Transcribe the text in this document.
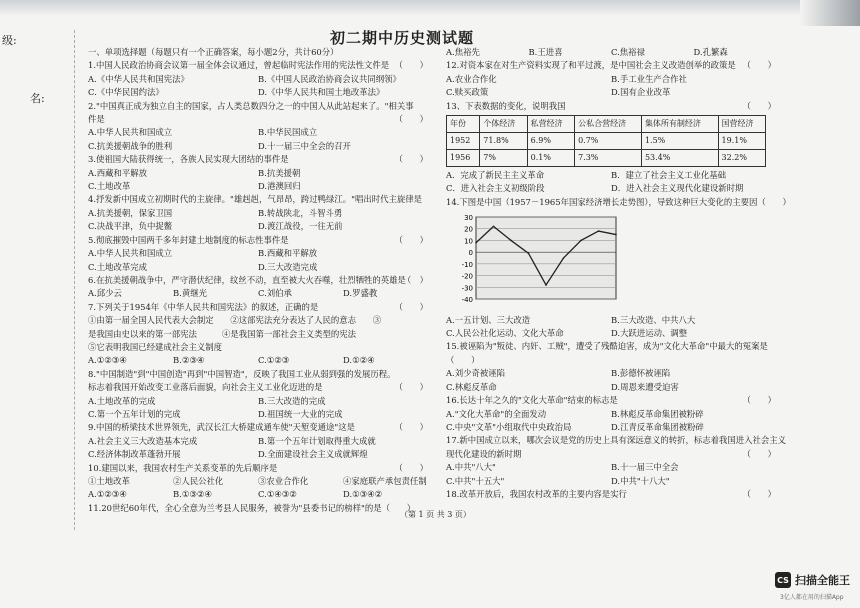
级:
名:
初二期中历史测试题
一、单项选择题（每题只有一个正确答案，每小题2分，共计60分）
1.中国人民政治协商会议第一届全体会议通过，曾起临时宪法作用的宪法性文件是 （　　）
A.《中华人民共和国宪法》	B.《中国人民政治协商会议共同纲领》
C.《中华民国约法》	D.《中华人民共和国土地改革法》
2."中国真正成为独立自主的国家，占人类总数四分之一的中国人从此站起来了。"相关事
件是	（　　）
A.中华人民共和国成立	B.中华民国成立
C.抗美援朝战争的胜利	D.十一届三中全会的召开
3.使祖国大陆获得统一，各族人民实现大团结的事件是	（　　）
A.西藏和平解放	B.抗美援朝
C.土地改革	D.港澳回归
4.抒发新中国成立初期时代的主旋律。"雄赳赳，气昂昂，跨过鸭绿江。"唱出时代主旋律是
A.抗美援朝，保家卫国	B.转战陕北，斗智斗勇
C.决战平津，负中捉鳖	D.渡江战役，一往无前
5.彻底摧毁中国两千多年封建土地制度的标志性事件是	（　　）
A.中华人民共和国成立	B.西藏和平解放
C.土地改革完成	D.三大改造完成
6.在抗美援朝战争中，严守潜伏纪律，纹丝不动，直至被大火吞噬，壮烈牺牲的英雄是
（　）
A.邱少云	B.黄继光	C.刘伯承	D.罗盛教
7.下列关于1954年《中华人民共和国宪法》的叙述，正确的是	（　　）
①由第一届全国人民代表大会制定　　②这部宪法充分表达了人民的意志　　③
是我国由史以来的第一部宪法　　　④是我国第一部社会主义类型的宪法
⑤它表明我国已经建成社会主义制度
A.①②③④	B.②③④	C.①②③	D.①②④
8."中国制造"到"中国创造"再到"中国智造"，反映了我国工业从弱到强的发展历程。
标志着我国开始改变工业落后面貌，向社会主义工业化迈进的是	（　　）
A.土地改革的完成	B.三大改造的完成
C.第一个五年计划的完成	D.祖国统一大业的完成
9.中国的桥梁技术世界领先，武汉长江大桥建成通车使"天堑变通途"这是	（　　）
A.社会主义三大改造基本完成	B.第一个五年计划取得重大成就
C.经济体制改革蓬勃开展	D.全面建设社会主义成就辉煌
10.建国以来，我国农村生产关系变革的先后顺序是	（　　）
①土地改革	②人民公社化	③农业合作化	④家庭联产承包责任制
A.①②③④	B.①③②④	C.①④③②	D.①③④②
11.20世纪60年代，全心全意为兰考县人民服务，被誉为"县委书记的榜样"的是（　　）
A.焦裕先	B.王进喜	C.焦裕禄	D.孔繁森
12.对资本家在对生产资料实现了和平过渡，是中国社会主义改造创举的政策是 （　　）
A.农业合作化	B.手工业生产合作社
C.赎买政策	D.国有企业改革
13、下表数据的变化，说明我国	（　　）
年份	个体经济	私营经济	公私合营经济	集体所有制经济	国营经济
1952	71.8%	6.9%	0.7%	1.5%	19.1%
1956	7%	0.1%	7.3%	53.4%	32.2%
A．完成了新民主主义革命	B．建立了社会主义工业化基础
C．进入社会主义初级阶段	D．进入社会主义现代化建设新时期
14.下图是中国（1957－1965年国家经济增长走势图），导致这种巨大变化的主要因（　　）
30
20
10
0
-10
-20
-30
-40
A.一五计划、三大改造	B.三大改造、中共八大
C.人民公社化运动、文化大革命	D.大跃进运动、调整
15.被诬陷为"叛徒、内奸、工贼"，遭受了残酷迫害，成为"文化大革命"中最大的冤案是
（　　）
A.刘少奇被诬陷	B.彭德怀被诬陷
C.林彪反革命	D.周恩来遭受迫害
16.长达十年之久的"文化大革命"结束的标志是	（　　）
A."文化大革命"的全面发动	B.林彪反革命集团被粉碎
C.中央"文革"小组取代中央政治局	D.江青反革命集团被粉碎
17.新中国成立以来，哪次会议是党的历史上具有深远意义的转折，标志着我国进入社会主义
现代化建设的新时期	（　　）
A.中共"八大"	B.十一届三中全会
C.中共"十五大"	D.中共"十八大"
18.改革开放后，我国农村改革的主要内容是实行	（　　）
（第 1 页 共 3 页）
CS 扫描全能王
3亿人都在用的扫描App
